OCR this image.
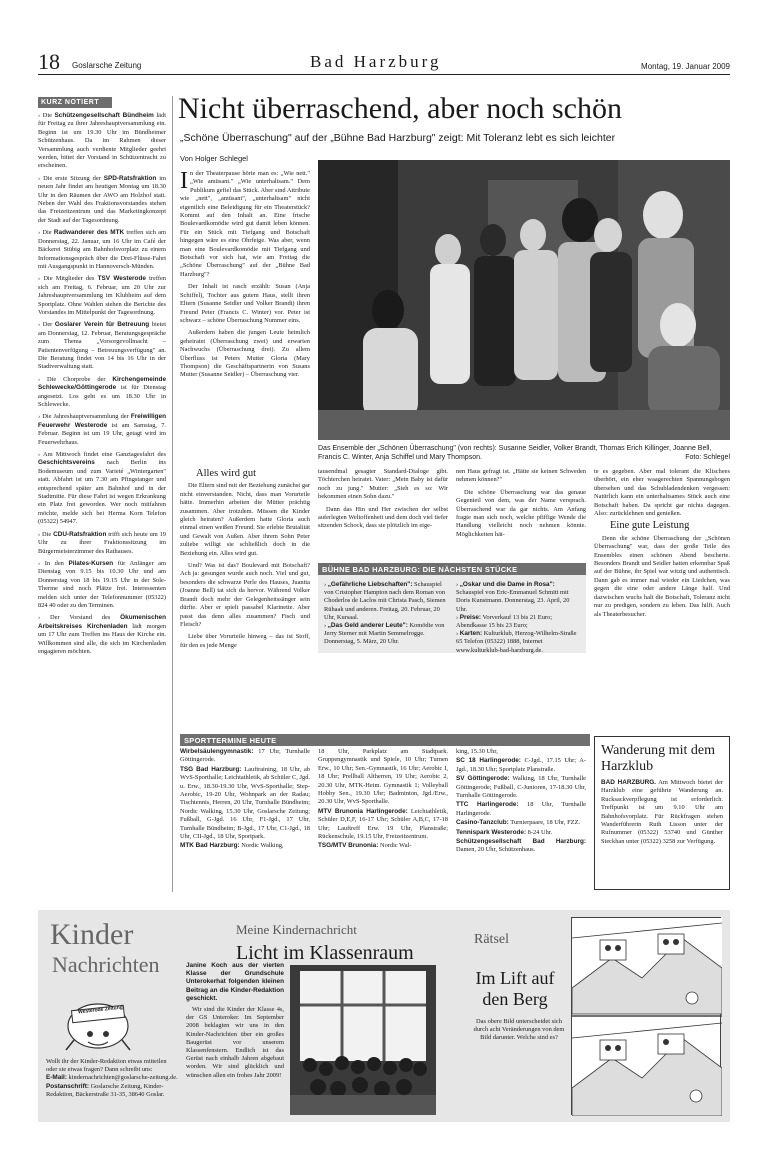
18 Goslarsche Zeitung	Bad Harzburg	Montag, 19. Januar 2009
KURZ NOTIERT

› Die Schützengesellschaft Bündheim lädt für Freitag zu ihrer Jahreshauptversammlung ein. Beginn ist um 19.30 Uhr im Bündheimer Schützenhaus. Da im Rahmen dieser Versammlung auch verdiente Mitglieder geehrt werden, bittet der Vorstand in Schützentracht zu erscheinen.

› Die erste Sitzung der SPD-Ratsfraktion im neuen Jahr findet am heutigen Montag um 18.30 Uhr in den Räumen der AWO am Holzhof statt. Neben der Wahl des Fraktionsvorstandes stehen das Freizeitzentrum und das Marketingkonzept der Stadt auf der Tagesordnung.

› Die Radwanderer des MTK treffen sich am Donnerstag, 22. Januar, um 16 Uhr im Café der Bäckerei Stübig am Bahnhofsvorplatz zu einem Informationsgespräch über die Drei-Flüsse-Fahrt mit Ausgangspunkt in Hannoversch-Münden.

› Die Mitglieder des TSV Westerode treffen sich am Freitag, 6. Februar, um 20 Uhr zur Jahreshauptversammlung im Klubheim auf dem Sportplatz. Ohne Wahlen stehen die Berichte des Vorstandes im Mittelpunkt der Tagesordnung.

› Der Goslarer Verein für Betreuung bietet am Donnerstag, 12. Februar, Beratungsgespräche zum Thema „Vorsorgevollmacht – Patientenverfügung – Betreuungsverfügung" an. Die Beratung findet von 14 bis 16 Uhr in der Stadtverwaltung statt.

› Die Chorprobe der Kirchengemeinde Schlewecke/Göttingerode ist für Dienstag angesetzt. Los geht es um 18.30 Uhr in Schlewecke.

› Die Jahreshauptversammlung der Freiwilligen Feuerwehr Westerode ist am Samstag, 7. Februar. Beginn ist um 19 Uhr, getagt wird im Feuerwehrhaus.

› Am Mittwoch findet eine Ganztagesfahrt des Geschichtsvereins nach Berlin ins Bodemuseum und zum Varieté „Wintergarten" statt. Abfahrt ist um 7.30 am Pfingstanger und entsprechend später am Bahnhof und in der Stadtmitte. Für diese Fahrt ist wegen Erkrankung ein Platz frei geworden. Wer noch mitfahren möchte, melde sich bei Herma Korn Telefon (05322) 54947.

› Die CDU-Ratsfraktion trifft sich heute um 19 Uhr zu ihrer Fraktionssitzung im Bürgermeisterzimmer des Rathauses.

› In den Pilates-Kursen für Anfänger am Dienstag von 9.15 bis 10.30 Uhr und am Donnerstag von 18 bis 19.15 Uhr in der Sole-Therme sind noch Plätze frei. Interessenten melden sich unter der Telefonnummer (05322) 824 40 oder zu den Terminen.

› Der Vorstand des Ökumenischen Arbeitskreises Kirchenladen lädt morgen um 17 Uhr zum Treffen ins Haus der Kirche ein. Willkommen sind alle, die sich im Kirchenladen engagieren möchten.

Nicht überraschend, aber noch schön
„Schöne Überraschung" auf der „Bühne Bad Harzburg" zeigt: Mit Toleranz lebt es sich leichter
Von Holger Schlegel

In der Theaterpause hörte man es: „Wie nett." „Wie amüsant." „Wie unterhaltsam." Dem Publikum gefiel das Stück. Aber sind Attribute wie „nett", „amüsant", „unterhaltsam" nicht eigentlich eine Beleidigung für ein Theaterstück? Kommt auf den Inhalt an. Eine frische Boulevardkomödie wird gut damit leben können. Für ein Stück mit Tiefgang und Botschaft hingegen wäre es eine Ohrfeige. Was aber, wenn man eine Boulevardkomödie mit Tiefgang und Botschaft vor sich hat, wie am Freitag die „Schöne Überraschung" auf der „Bühne Bad Harzburg"?

Der Inhalt ist rasch erzählt: Susan (Anja Schiffel), Tochter aus gutem Haus, stellt ihren Eltern (Susanne Seidler und Volker Brandt) ihren Freund Peter (Francis C. Winter) vor. Peter ist schwarz – schöne Überraschung Nummer eins.

Außerdem haben die jungen Leute heimlich geheiratet (Überraschung zwei) und erwarten Nachwuchs (Überraschung drei). Zu allem Überfluss ist Peters Mutter Gloria (Mary Thompson) die Geschäftspartnerin von Susans Mutter (Susanne Seidler) – Überraschung vier.

Das Ensemble der „Schönen Überraschung" (von rechts): Susanne Seidler, Volker Brandt, Thomas Erich Killinger, Joanne Bell, Francis C. Winter, Anja Schiffel und Mary Thompson.	Foto: Schlegel
Alles wird gut

Die Eltern sind mit der Beziehung zunächst gar nicht einverstanden. Nicht, dass man Vorurteile hätte. Immerhin arbeiten die Mütter prächtig zusammen. Aber trotzdem. Müssen die Kinder gleich heiraten? Außerdem hatte Gloria auch einmal einen weißen Freund. Sie erlebte Brutalität und Gewalt von Außen. Aber ihrem Sohn Peter zuliebe willigt sie schließlich doch in die Beziehung ein. Alles wird gut.

Und? Was ist das? Boulevard mit Botschaft? Ach ja: gesungen wurde auch noch. Viel und gut, besonders die schwarze Perle des Hauses, Juanita (Joanne Bell) tat sich da hervor. Während Volker Brandt doch mehr der Gelegenheitssänger sein dürfte. Aber er spielt passabel Klarinette. Aber passt das denn alles zusammen? Fisch und Fleisch?

Liebe über Vorurteile hinweg – das ist Stoff, für den es jede Menge

tausendmal gesagter Standard-Dialoge gibt. Töchterchen heiratet. Vater: „Mein Baby ist dafür noch zu jung." Mutter: „Sieh es so: Wir bekommen einen Sohn dazu."

Dann das Hin und Her zwischen der selbst auferlegten Weltoffenheit und dem doch viel tiefer sitzenden Schock, dass sie plötzlich im eige-

nen Haus gefragt ist. „Hätte sie keinen Schweden nehmen können?"

Die schöne Überraschung war das genaue Gegenteil von dem, was der Name versprach. Überraschend war da gar nichts. Am Anfang fragte man sich noch, welche pfiffige Wende die Handlung vielleicht noch nehmen könnte. Möglichkeiten hät-

te es gegeben. Aber mal tolerant die Klischees überhört, ein eher waagerechten Spannungsbogen übersehen und das Schubladendenken vergessen: Natürlich kann ein unterhaltsames Stück auch eine Botschaft haben. Da spricht gar nichts dagegen. Also: zurücklehnen und genießen.

Eine gute Leistung

Denn die schöne Überraschung der „Schönen Überraschung" war, dass der große Teile des Ensembles einen schönen Abend bescherte. Besonders Brandt und Seidler hatten erkennbar Spaß auf der Bühne, ihr Spiel war witzig und authentisch. Dann gab es immer mal wieder ein Liedchen, was gegen die eine oder andere Länge half. Und dazwischen wuchs halt die Botschaft, Toleranz nicht nur zu predigen, sondern zu leben. Das hilft. Auch als Theaterbesucher.

BÜHNE BAD HARZBURG: DIE NÄCHSTEN STÜCKE
› „Gefährliche Liebschaften": Schauspiel von Cristopher Hampton nach dem Roman von Choderlos de Laclos mit Christa Pasch, Siemen Rühaak und anderen. Freitag, 20. Februar, 20 Uhr, Kursaal.
› „Das Geld anderer Leute": Komödie von Jerry Sterner mit Martin Semmelrogge. Donnerstag, 5. März, 20 Uhr.
› „Oskar und die Dame in Rosa": Schauspiel von Eric-Emmanuel Schmitt mit Doris Kunstmann. Donnerstag, 23. April, 20 Uhr.
› Preise: Vorverkauf 13 bis 21 Euro; Abendkasse 15 bis 23 Euro;
› Karten: Kulturklub, Herzog-Wilhelm-Straße 65 Telefon (05322) 1888, Internet www.kulturklub-bad-harzburg.de.
SPORTTERMINE HEUTE

Wirbelsäulengymnastik: 17 Uhr, Turnhalle Göttingerode.

TSG Bad Harzburg: Lauftraining, 18 Uhr, ab WvS-Sporthalle; Leichtathletik, ab Schüler C, Jgd. u. Erw., 18.30-19.30 Uhr, WvS-Sporthalle; Step-Aerobic, 19-20 Uhr, Wohnpark an der Radau; Tischtennis, Herren, 20 Uhr, Turnhalle Bündheim; Nordic Walking, 15.30 Uhr, Goslarsche Zeitung; Fußball, G-Jgd. 16 Uhr, F1-Jgd., 17 Uhr, Turnhalle Bündheim; B-Jgd., 17 Uhr, C1-Jgd., 18 Uhr, CII-Jgd., 18 Uhr, Sportpark.

MTK Bad Harzburg: Nordic Walking,

18 Uhr, Parkplatz am Stadtpark. Gruppengymnastik und Spiele, 10 Uhr; Turnen Erw., 10 Uhr; Sen.-Gymnastik, 16 Uhr; Aerobic I, 18 Uhr; Prellball Altherren, 19 Uhr; Aerobic 2, 20.30 Uhr, MTK-Heim. Gymnastik 1; Volleyball Hobby Sen., 19.30 Uhr; Badminton, Jgd./Erw., 20.30 Uhr, WvS-Sporthalle.

MTV Brunonia Harlingerode: Leichtathletik, Schüler D,E,F, 16-17 Uhr; Schüler A,B,C, 17-18 Uhr; Lauftreff Erw. 19 Uhr, Planstraße; Rückenschule, 19.15 Uhr, Freizeitzentrum.

TSG/MTV Brunonia: Nordic Wal-

king, 15.30 Uhr,

SC 18 Harlingerode: C-Jgd., 17.15 Uhr; A-Jgd., 18.30 Uhr; Sportplatz Planstraße.

SV Göttingerode: Walking, 18 Uhr, Turnhalle Göttingerode; Fußball, C-Junioren, 17-18.30 Uhr, Turnhalle Göttingerode.

TTC Harlingerode: 18 Uhr, Turnhalle Harlingerode.

Casino-Tanzclub: Turnierpaare, 18 Uhr, FZZ.

Tennispark Westerode: 8-24 Uhr.

Schützengesellschaft Bad Harzburg: Damen, 20 Uhr, Schützenhaus.

Wanderung mit dem Harzklub
BAD HARZBURG. Am Mittwoch bietet der Harzklub eine geführte Wanderung an. Rucksackverpflegung ist erforderlich. Treffpunkt ist um 9.10 Uhr am Bahnhofsvorplatz. Für Rückfragen stehen Wanderführerin Ruth Lisson unter der Rufnummer (05322) 53740 und Günther Steckhan unter (05322) 3258 zur Verfügung.
Kinder
Nachrichten
Westerode Zeitung
Wollt ihr der Kinder-Redaktion etwas mitteilen oder sie etwas fragen? Dann schreibt uns:
E-Mail: kindernachrichten@goslarsche-zeitung.de.
Postanschrift: Goslarsche Zeitung, Kinder-Redaktion, Bäckerstraße 31-35, 38640 Goslar.
Meine Kindernachricht
Licht im Klassenraum
Janine Koch aus der vierten Klasse der Grundschule Unterokerhat folgenden kleinen Beitrag an die Kinder-Redaktion geschickt.
Wir sind die Kinder der Klasse 4s, der GS Unteroker. Im September 2008 beklagten wir uns in den Kinder-Nachrichten über ein großes Baugerüst vor unserem Klassenfenstern. Endlich ist das Gerüst nach einhalb Jahren abgebaut worden. Wir sind glücklich und wünschen allen ein frohes Jahr 2009!
Rätsel
Im Lift auf den Berg
Das obere Bild unterscheidet sich durch acht Veränderungen von dem Bild darunter. Welche sind es?
